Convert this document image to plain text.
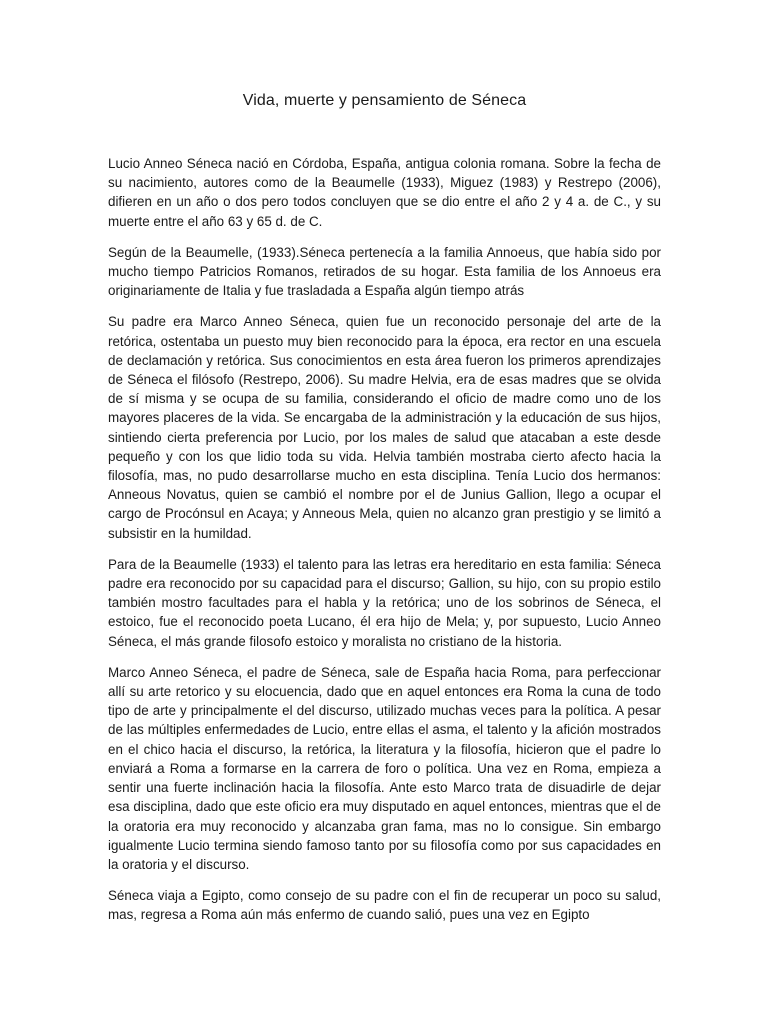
Vida, muerte y pensamiento de Séneca

Lucio Anneo Séneca nació en Córdoba, España, antigua colonia romana. Sobre la fecha de su nacimiento, autores como de la Beaumelle (1933), Miguez (1983) y Restrepo (2006), difieren en un año o dos pero todos concluyen que se dio entre el año 2 y 4 a. de C., y su muerte entre el año 63 y 65 d. de C.

Según de la Beaumelle, (1933).Séneca pertenecía a la familia Annoeus, que había sido por mucho tiempo Patricios Romanos, retirados de su hogar. Esta familia de los Annoeus era originariamente de Italia y fue trasladada a España algún tiempo atrás

Su padre era Marco Anneo Séneca, quien fue un reconocido personaje del arte de la retórica, ostentaba un puesto muy bien reconocido para la época, era rector en una escuela de declamación y retórica. Sus conocimientos en esta área fueron los primeros aprendizajes de Séneca el filósofo (Restrepo, 2006). Su madre Helvia, era de esas madres que se olvida de sí misma y se ocupa de su familia, considerando el oficio de madre como uno de los mayores placeres de la vida. Se encargaba de la administración y la educación de sus hijos, sintiendo cierta preferencia por Lucio, por los males de salud que atacaban a este desde pequeño y con los que lidio toda su vida. Helvia también mostraba cierto afecto hacia la filosofía, mas, no pudo desarrollarse mucho en esta disciplina. Tenía Lucio dos hermanos: Anneous Novatus, quien se cambió el nombre por el de Junius Gallion, llego a ocupar el cargo de Procónsul en Acaya; y Anneous Mela, quien no alcanzo gran prestigio y se limitó a subsistir en la humildad.

Para de la Beaumelle (1933) el talento para las letras era hereditario en esta familia: Séneca padre era reconocido por su capacidad para el discurso; Gallion, su hijo, con su propio estilo también mostro facultades para el habla y la retórica; uno de los sobrinos de Séneca, el estoico, fue el reconocido poeta Lucano, él era hijo de Mela; y, por supuesto, Lucio Anneo Séneca, el más grande filosofo estoico y moralista no cristiano de la historia.

Marco Anneo Séneca, el padre de Séneca, sale de España hacia Roma, para perfeccionar allí su arte retorico y su elocuencia, dado que en aquel entonces era Roma la cuna de todo tipo de arte y principalmente el del discurso, utilizado muchas veces para la política. A pesar de las múltiples enfermedades de Lucio, entre ellas el asma, el talento y la afición mostrados en el chico hacia el discurso, la retórica, la literatura y la filosofía, hicieron que el padre lo enviará a Roma a formarse en la carrera de foro o política. Una vez en Roma, empieza a sentir una fuerte inclinación hacia la filosofía. Ante esto Marco trata de disuadirle de dejar esa disciplina, dado que este oficio era muy disputado en aquel entonces, mientras que el de la oratoria era muy reconocido y alcanzaba gran fama, mas no lo consigue. Sin embargo igualmente Lucio termina siendo famoso tanto por su filosofía como por sus capacidades en la oratoria y el discurso.

Séneca viaja a Egipto, como consejo de su padre con el fin de recuperar un poco su salud, mas, regresa a Roma aún más enfermo de cuando salió, pues una vez en Egipto
